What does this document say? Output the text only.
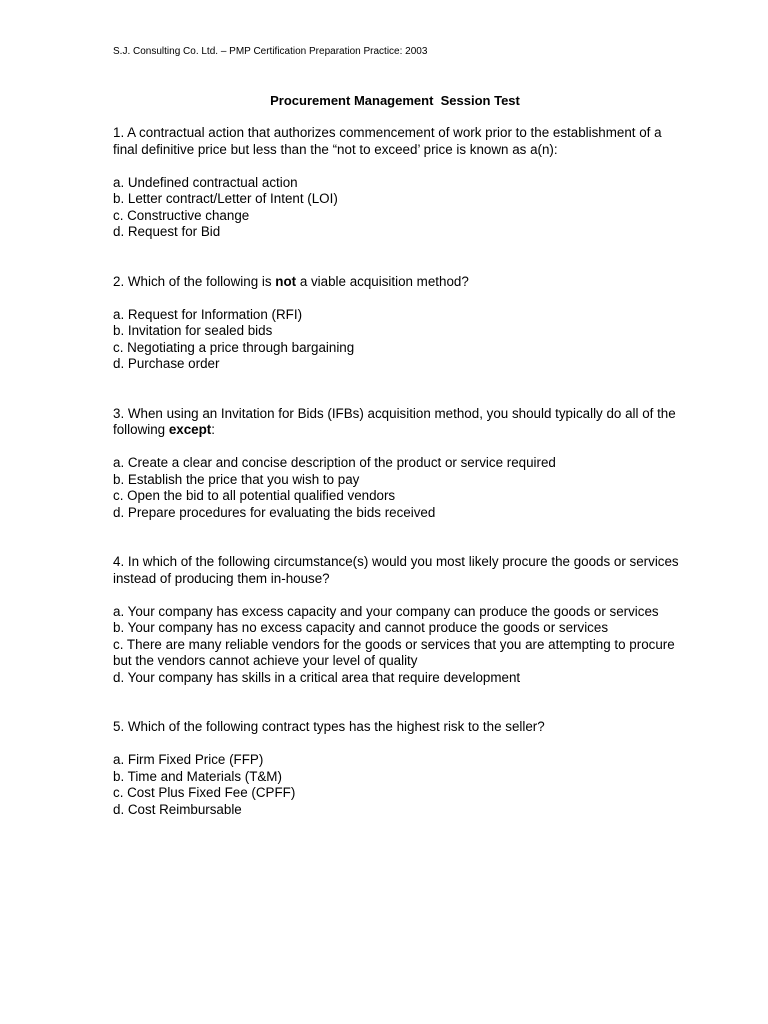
S.J. Consulting Co. Ltd. – PMP Certification Preparation Practice: 2003
Procurement Management  Session Test

1. A contractual action that authorizes commencement of work prior to the establishment of a final definitive price but less than the “not to exceed’ price is known as a(n):

a. Undefined contractual action
b. Letter contract/Letter of Intent (LOI)
c. Constructive change
d. Request for Bid

2. Which of the following is not a viable acquisition method?

a. Request for Information (RFI)
b. Invitation for sealed bids
c. Negotiating a price through bargaining
d. Purchase order

3. When using an Invitation for Bids (IFBs) acquisition method, you should typically do all of the following except:

a. Create a clear and concise description of the product or service required
b. Establish the price that you wish to pay
c. Open the bid to all potential qualified vendors
d. Prepare procedures for evaluating the bids received

4. In which of the following circumstance(s) would you most likely procure the goods or services instead of producing them in-house?

a. Your company has excess capacity and your company can produce the goods or services
b. Your company has no excess capacity and cannot produce the goods or services
c. There are many reliable vendors for the goods or services that you are attempting to procure but the vendors cannot achieve your level of quality
d. Your company has skills in a critical area that require development

5. Which of the following contract types has the highest risk to the seller?

a. Firm Fixed Price (FFP)
b. Time and Materials (T&M)
c. Cost Plus Fixed Fee (CPFF)
d. Cost Reimbursable
